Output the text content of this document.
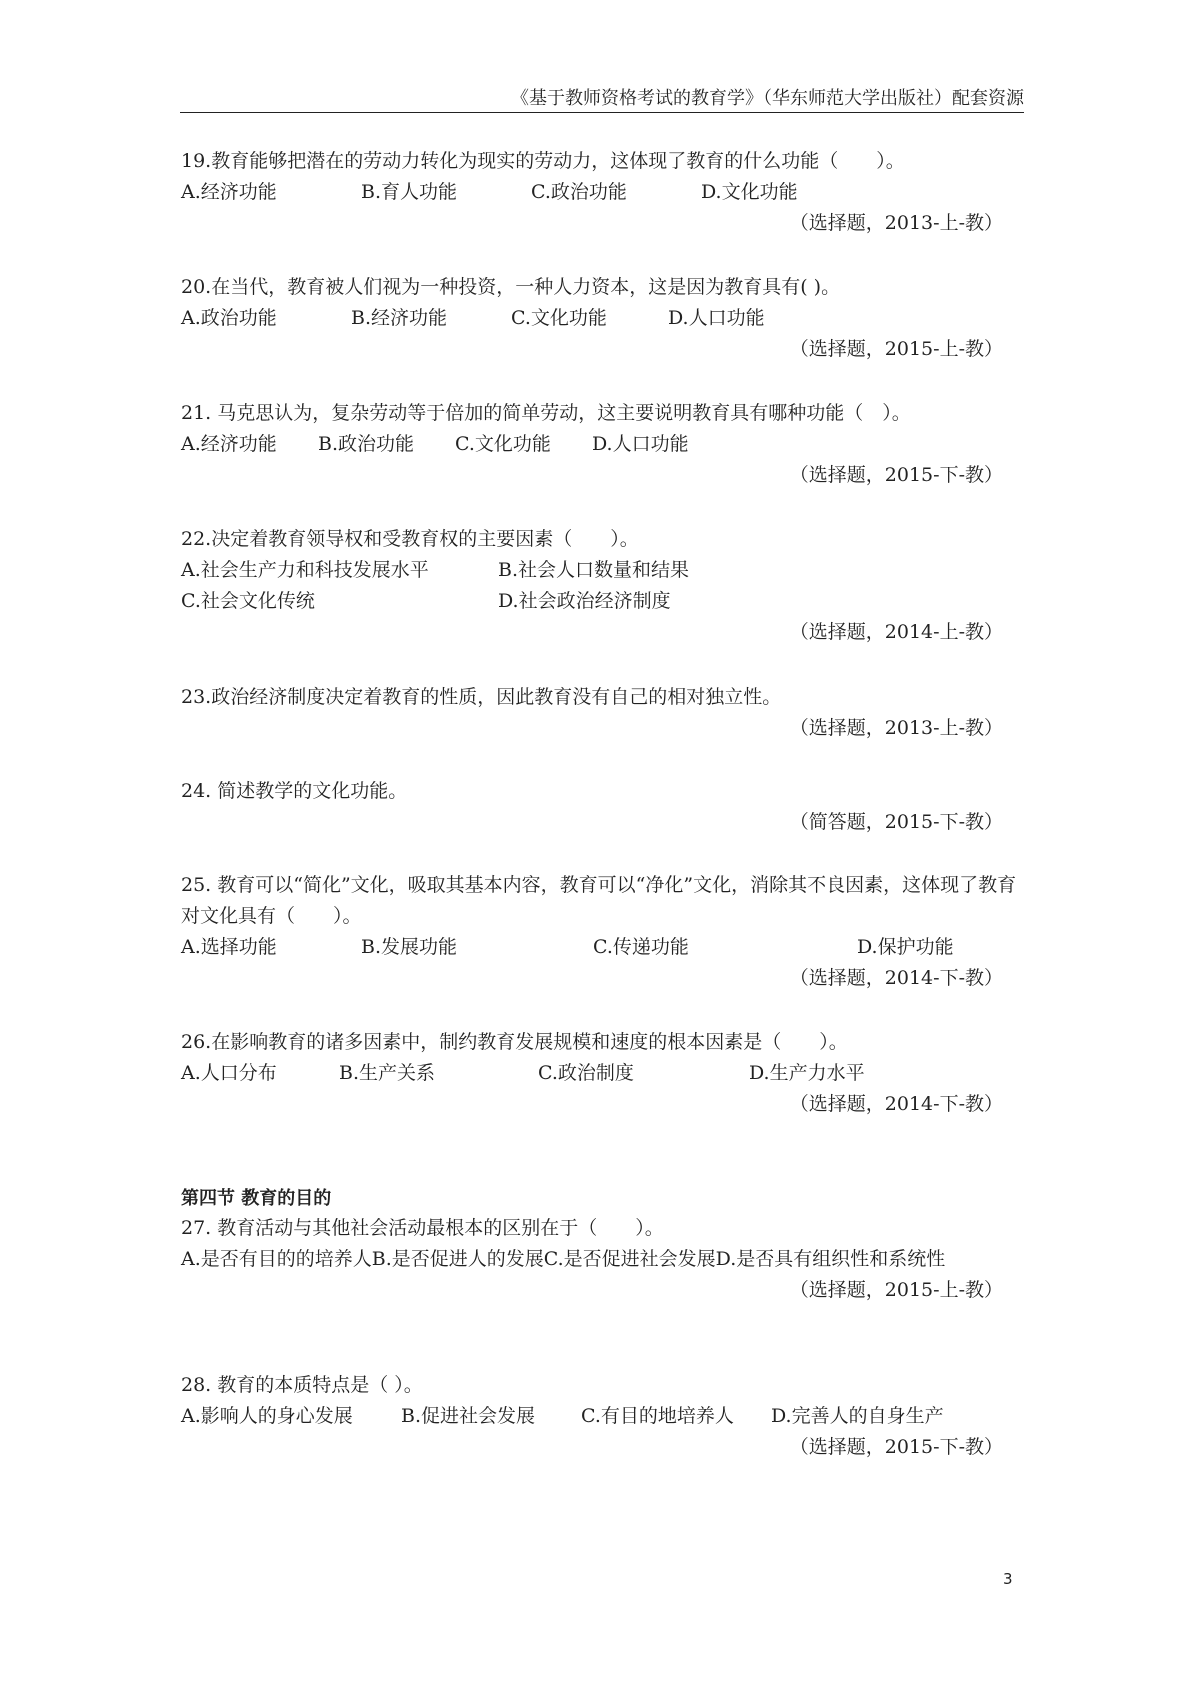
《基于教师资格考试的教育学》（华东师范大学出版社）配套资源
19.教育能够把潜在的劳动力转化为现实的劳动力，这体现了教育的什么功能（　　）。
A.经济功能	B.育人功能	C.政治功能	D.文化功能
（选择题，2013-上-教）
20.在当代，教育被人们视为一种投资，一种人力资本，这是因为教育具有( )。
A.政治功能	B.经济功能	C.文化功能	D.人口功能
（选择题，2015-上-教）
21. 马克思认为，复杂劳动等于倍加的简单劳动，这主要说明教育具有哪种功能（　）。
A.经济功能 B.政治功能 C.文化功能 D.人口功能
（选择题，2015-下-教）
22.决定着教育领导权和受教育权的主要因素（　　）。
A.社会生产力和科技发展水平	B.社会人口数量和结果
C.社会文化传统	D.社会政治经济制度
（选择题，2014-上-教）
23.政治经济制度决定着教育的性质，因此教育没有自己的相对独立性。
（选择题，2013-上-教）
24. 简述教学的文化功能。
（简答题，2015-下-教）
25. 教育可以“简化”文化，吸取其基本内容，教育可以“净化”文化，消除其不良因素，这体现了教育对文化具有（　　）。
A.选择功能	B.发展功能	C.传递功能	D.保护功能
（选择题，2014-下-教）
26.在影响教育的诸多因素中，制约教育发展规模和速度的根本因素是（　　）。
A.人口分布	B.生产关系	C.政治制度	D.生产力水平
（选择题，2014-下-教）
第四节 教育的目的
27. 教育活动与其他社会活动最根本的区别在于（　　）。
A.是否有目的的培养人B.是否促进人的发展C.是否促进社会发展D.是否具有组织性和系统性
（选择题，2015-上-教）
28. 教育的本质特点是（ ）。
A.影响人的身心发展	B.促进社会发展 C.有目的地培养人 D.完善人的自身生产
（选择题，2015-下-教）
3
